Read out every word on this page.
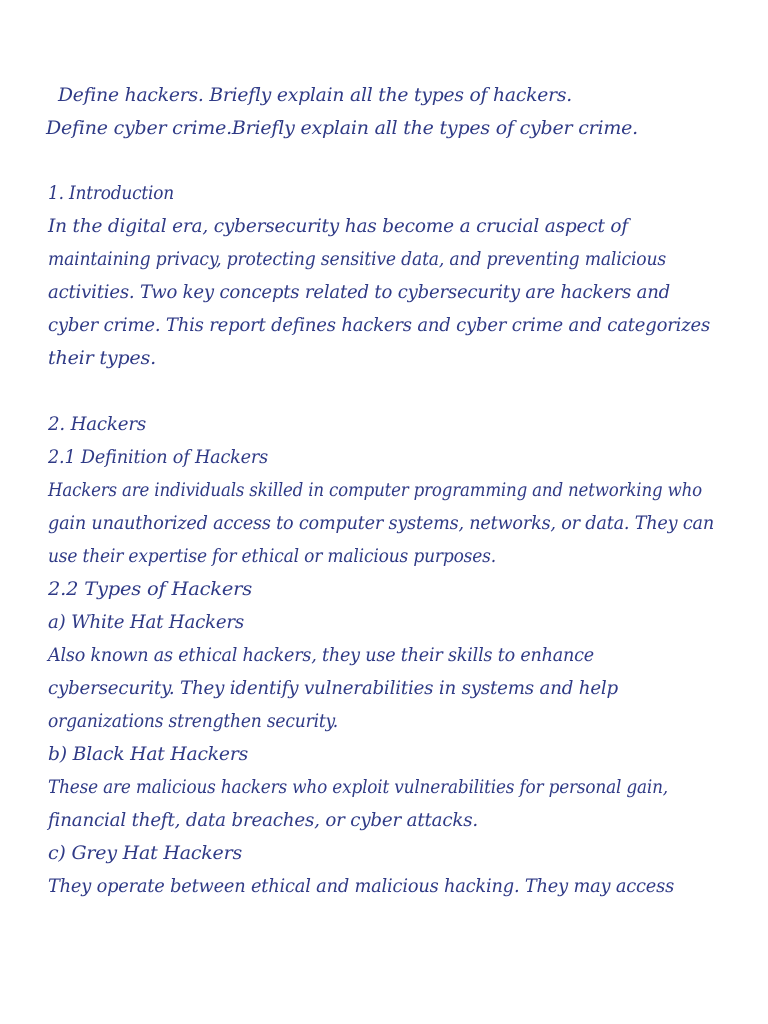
Define hackers. Briefly explain all the types of hackers.
Define cyber crime.Briefly explain all the types of cyber crime.
1. Introduction
In the digital era, cybersecurity has become a crucial aspect of
maintaining privacy, protecting sensitive data, and preventing malicious
activities. Two key concepts related to cybersecurity are hackers and
cyber crime. This report defines hackers and cyber crime and categorizes
their types.
2. Hackers
2.1 Definition of Hackers
Hackers are individuals skilled in computer programming and networking who
gain unauthorized access to computer systems, networks, or data. They can
use their expertise for ethical or malicious purposes.
2.2 Types of Hackers
a) White Hat Hackers
Also known as ethical hackers, they use their skills to enhance
cybersecurity. They identify vulnerabilities in systems and help
organizations strengthen security.
b) Black Hat Hackers
These are malicious hackers who exploit vulnerabilities for personal gain,
financial theft, data breaches, or cyber attacks.
c) Grey Hat Hackers
They operate between ethical and malicious hacking. They may access
